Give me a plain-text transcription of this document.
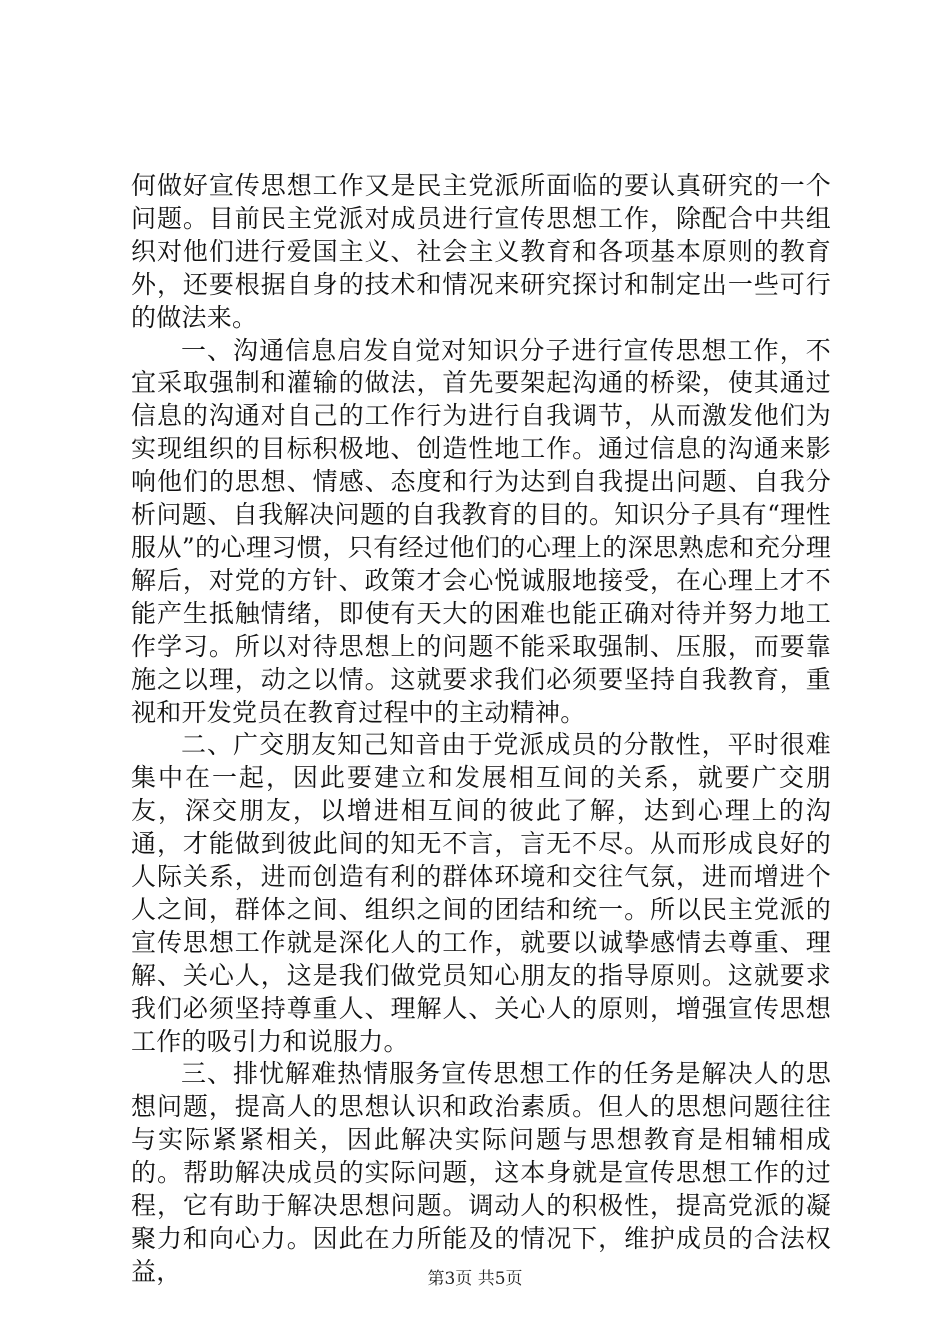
何做好宣传思想工作又是民主党派所面临的要认真研究的一个问题。目前民主党派对成员进行宣传思想工作，除配合中共组织对他们进行爱国主义、社会主义教育和各项基本原则的教育外，还要根据自身的技术和情况来研究探讨和制定出一些可行的做法来。

一、沟通信息启发自觉对知识分子进行宣传思想工作，不宜采取强制和灌输的做法，首先要架起沟通的桥梁，使其通过信息的沟通对自己的工作行为进行自我调节，从而激发他们为实现组织的目标积极地、创造性地工作。通过信息的沟通来影响他们的思想、情感、态度和行为达到自我提出问题、自我分析问题、自我解决问题的自我教育的目的。知识分子具有“理性服从”的心理习惯，只有经过他们的心理上的深思熟虑和充分理解后，对党的方针、政策才会心悦诚服地接受，在心理上才不能产生抵触情绪，即使有天大的困难也能正确对待并努力地工作学习。所以对待思想上的问题不能采取强制、压服，而要靠施之以理，动之以情。这就要求我们必须要坚持自我教育，重视和开发党员在教育过程中的主动精神。

二、广交朋友知己知音由于党派成员的分散性，平时很难集中在一起，因此要建立和发展相互间的关系，就要广交朋友，深交朋友，以增进相互间的彼此了解，达到心理上的沟通，才能做到彼此间的知无不言，言无不尽。从而形成良好的人际关系，进而创造有利的群体环境和交往气氛，进而增进个人之间，群体之间、组织之间的团结和统一。所以民主党派的宣传思想工作就是深化人的工作，就要以诚挚感情去尊重、理解、关心人，这是我们做党员知心朋友的指导原则。这就要求我们必须坚持尊重人、理解人、关心人的原则，增强宣传思想工作的吸引力和说服力。

三、排忧解难热情服务宣传思想工作的任务是解决人的思想问题，提高人的思想认识和政治素质。但人的思想问题往往与实际紧紧相关，因此解决实际问题与思想教育是相辅相成的。帮助解决成员的实际问题，这本身就是宣传思想工作的过程，它有助于解决思想问题。调动人的积极性，提高党派的凝聚力和向心力。因此在力所能及的情况下，维护成员的合法权益，	第3页 共5页
